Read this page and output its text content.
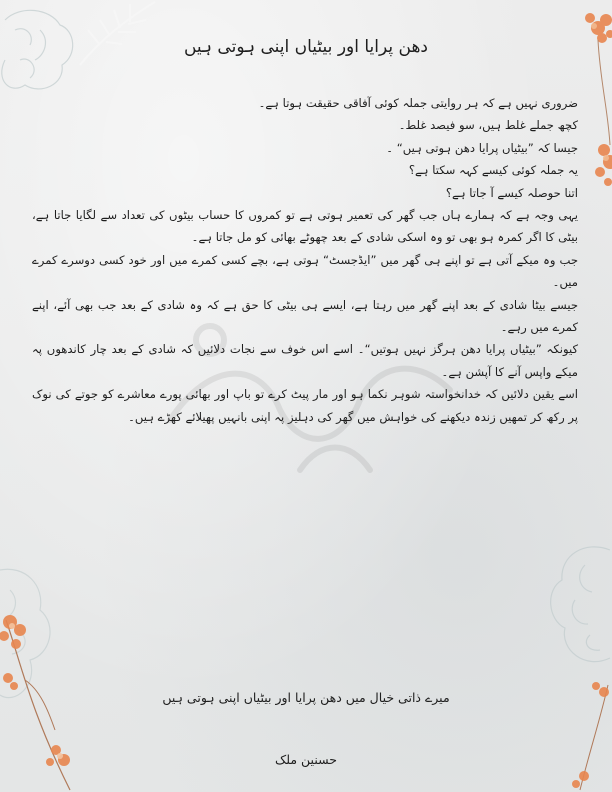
دھن پرایا اور بیٹیاں اپنی ہوتی ہیں

ضروری نہیں ہے کہ ہر روایتی جملہ کوئی آفاقی حقیقت ہوتا ہے۔

کچھ جملے غلط ہیں، سو فیصد غلط۔

جیسا کہ ”بیٹیاں پرایا دھن ہوتی ہیں“ ۔

یہ جملہ کوئی کیسے کہہ سکتا ہے؟

اتنا حوصلہ کیسے آ جاتا ہے؟

یہی وجہ ہے کہ ہمارے ہاں جب گھر کی تعمیر ہوتی ہے تو کمروں کا حساب بیٹوں کی تعداد سے لگایا جاتا ہے، بیٹی کا اگر کمرہ ہو بھی تو وہ اسکی شادی کے بعد چھوٹے بھائی کو مل جاتا ہے۔

جب وہ میکے آتی ہے تو اپنے ہی گھر میں ”ایڈجسٹ“ ہوتی ہے، بچے کسی کمرے میں اور خود کسی دوسرے کمرے میں۔

جیسے بیٹا شادی کے بعد اپنے گھر میں رہتا ہے، ایسے ہی بیٹی کا حق ہے کہ وہ شادی کے بعد جب بھی آئے، اپنے کمرے میں رہے۔

کیونکہ ”بیٹیاں پرایا دھن ہرگز نہیں ہوتیں“۔ اسے اس خوف سے نجات دلائیں کہ شادی کے بعد چار کاندھوں پہ میکے واپس آنے کا آپشن ہے۔

اسے یقین دلائیں کہ خدانخواستہ شوہر نکما ہو اور مار پیٹ کرے تو باپ اور بھائی پورے معاشرے کو جوتے کی نوک پر رکھ کر تمھیں زندہ دیکھنے کی خواہش میں گھر کی دہلیز پہ اپنی بانہیں پھیلائے کھڑے ہیں۔

میرے ذاتی خیال میں دھن پرایا اور بیٹیاں اپنی ہوتی ہیں
حسنین ملک
